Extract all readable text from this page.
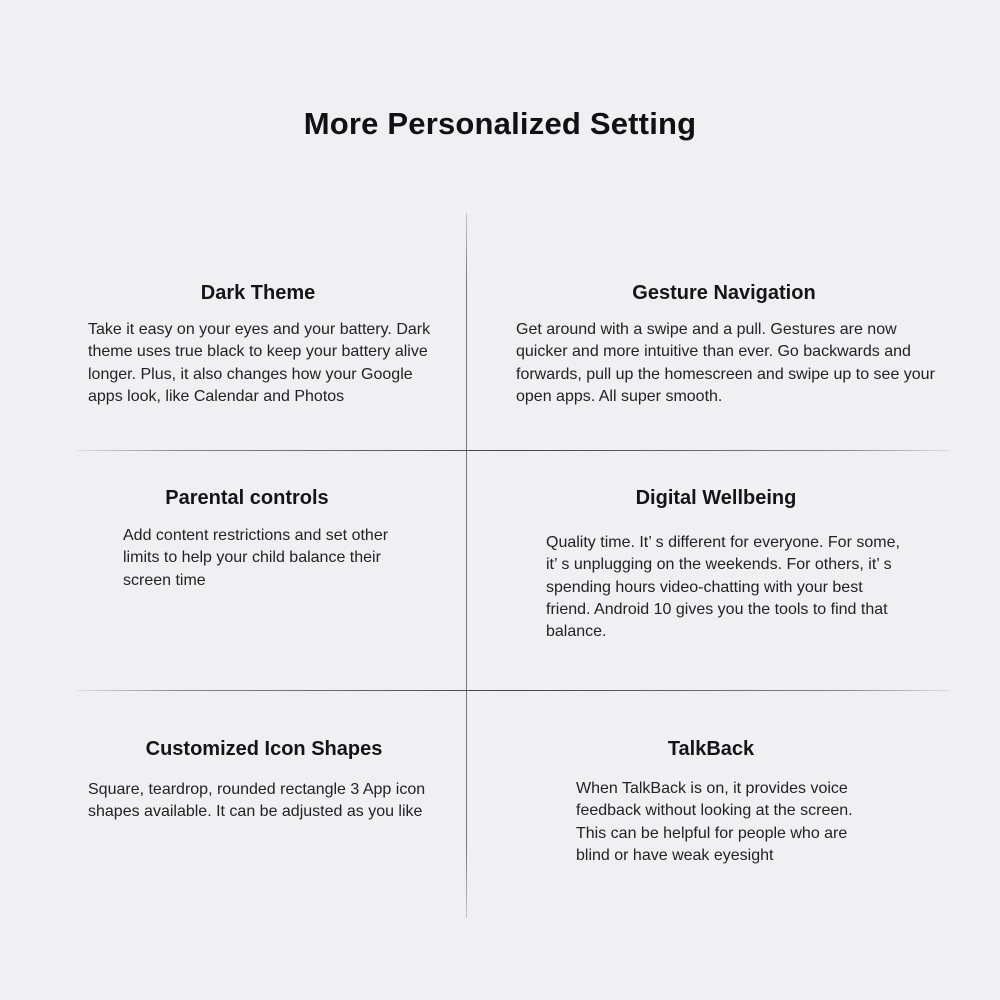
More Personalized Setting
Dark Theme

Take it easy on your eyes and your battery. Dark theme uses true black to keep your battery alive longer. Plus, it also changes how your Google apps look, like Calendar and Photos

Gesture Navigation

Get around with a swipe and a pull. Gestures are now quicker and more intuitive than ever. Go backwards and forwards, pull up the homescreen and swipe up to see your open apps. All super smooth.

Parental controls

Add content restrictions and set other limits to help your child balance their screen time

Digital Wellbeing

Quality time. It’ s different for everyone. For some, it’ s unplugging on the weekends. For others, it’ s spending hours video-chatting with your best friend. Android 10 gives you the tools to find that balance.

Customized Icon Shapes

Square, teardrop, rounded rectangle 3 App icon shapes available. It can be adjusted as you like

TalkBack

When TalkBack is on, it provides voice feedback without looking at the screen. This can be helpful for people who are blind or have weak eyesight
